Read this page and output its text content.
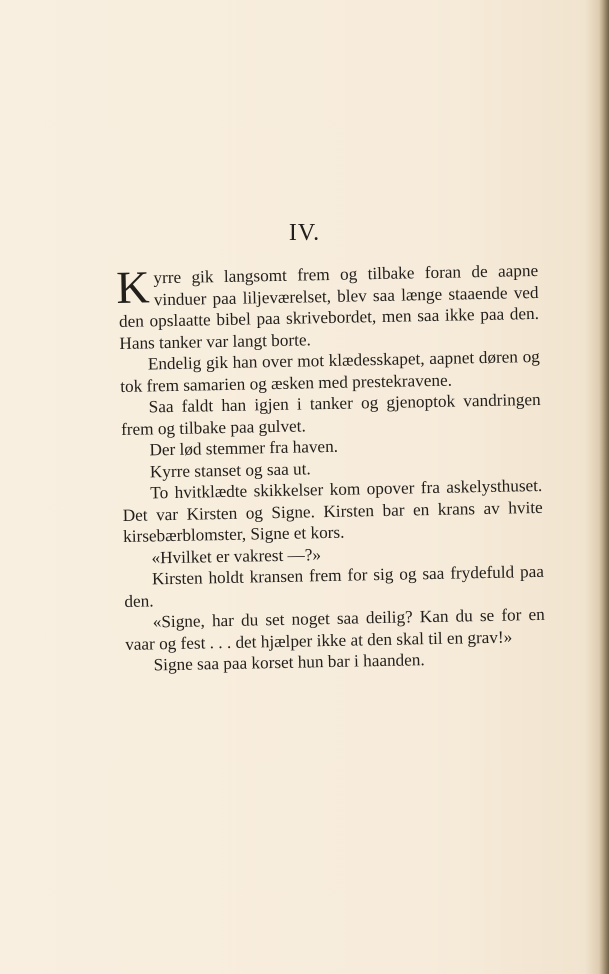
IV.

Kyrre gik langsomt frem og tilbake foran de aapne vinduer paa liljeværelset, blev saa længe staaende ved den opslaatte bibel paa skrivebordet, men saa ikke paa den. Hans tanker var langt borte.

Endelig gik han over mot klædesskapet, aapnet døren og tok frem samarien og æsken med prestekravene.

Saa faldt han igjen i tanker og gjenoptok vandringen frem og tilbake paa gulvet.

Der lød stemmer fra haven.

Kyrre stanset og saa ut.

To hvitklædte skikkelser kom opover fra askelysthuset. Det var Kirsten og Signe. Kirsten bar en krans av hvite kirsebærblomster, Signe et kors.

«Hvilket er vakrest —?»

Kirsten holdt kransen frem for sig og saa frydefuld paa den.

«Signe, har du set noget saa deilig? Kan du se for en vaar og fest . . . det hjælper ikke at den skal til en grav!»

Signe saa paa korset hun bar i haanden.
